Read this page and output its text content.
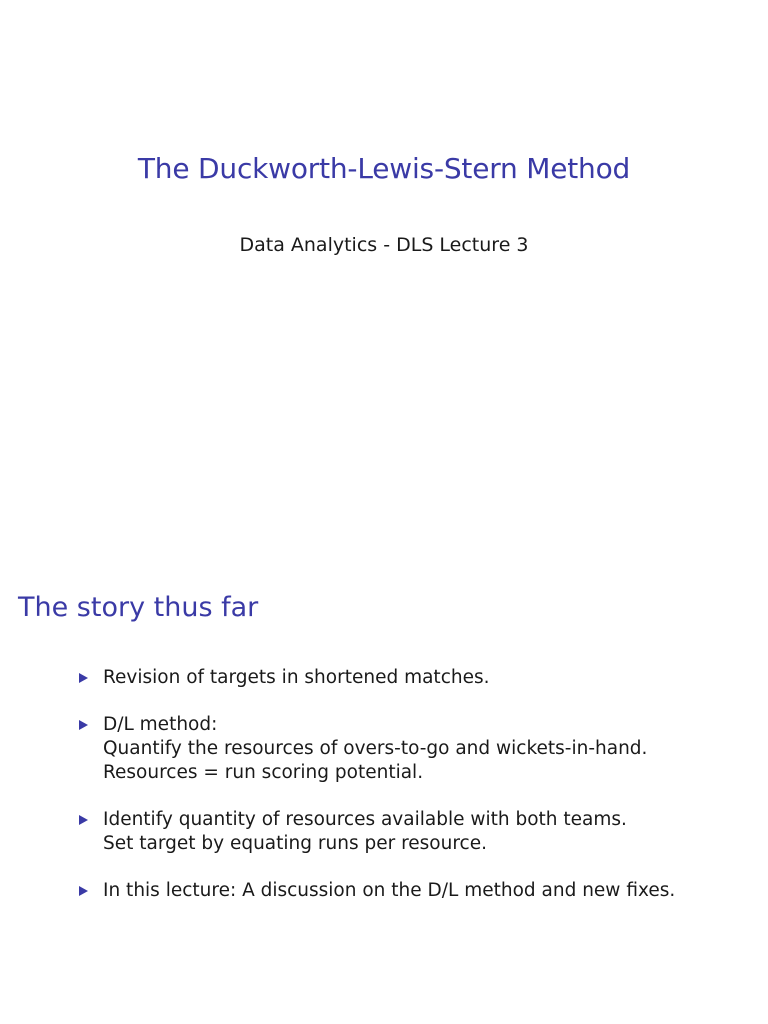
The Duckworth-Lewis-Stern Method
Data Analytics - DLS Lecture 3
The story thus far
Revision of targets in shortened matches.
D/L method:
Quantify the resources of overs-to-go and wickets-in-hand.
Resources = run scoring potential.
Identify quantity of resources available with both teams.
Set target by equating runs per resource.
In this lecture: A discussion on the D/L method and new fixes.
